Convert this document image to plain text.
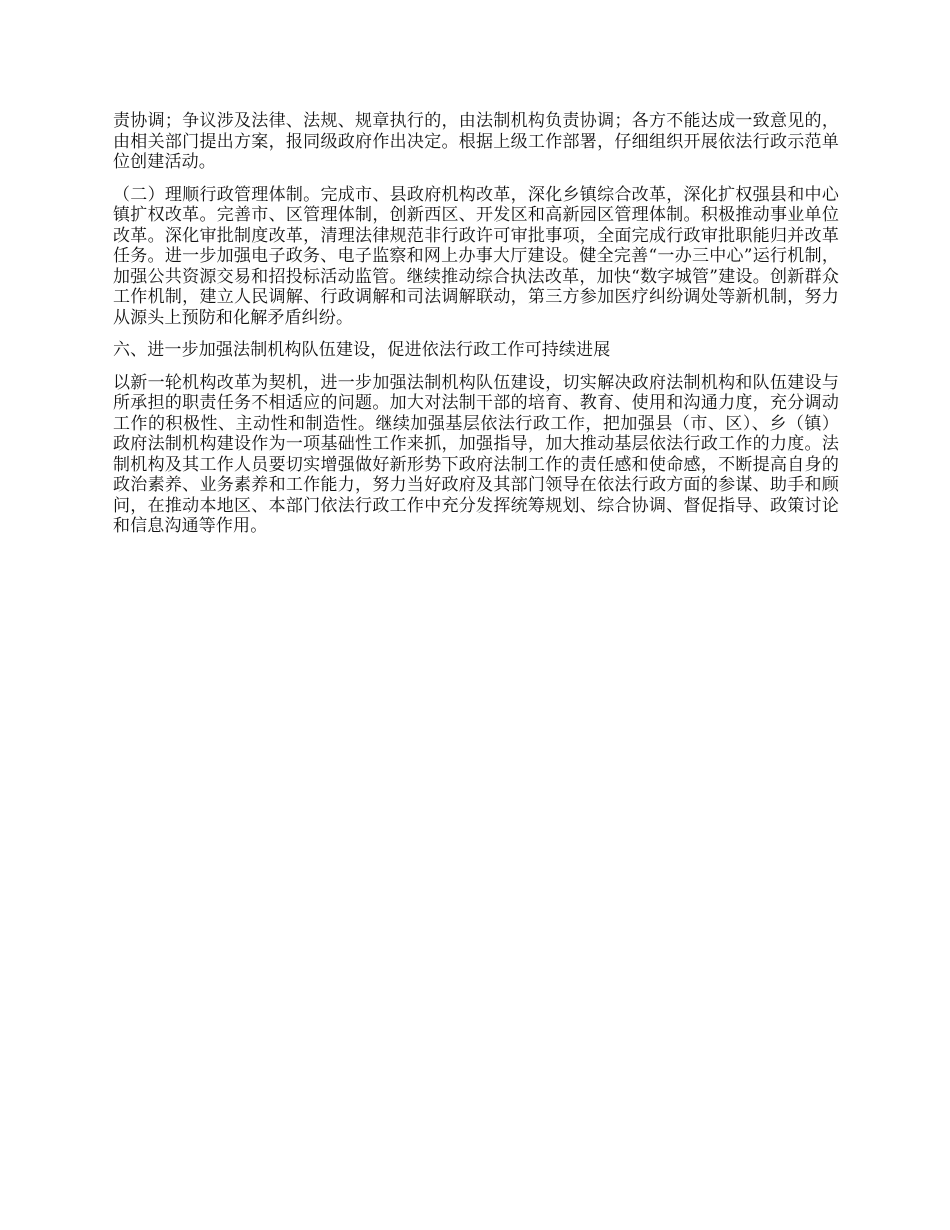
责协调；争议涉及法律、法规、规章执行的，由法制机构负责协调；各方不能达成一致意见的，由相关部门提出方案，报同级政府作出决定。根据上级工作部署，仔细组织开展依法行政示范单位创建活动。

（二）理顺行政管理体制。完成市、县政府机构改革，深化乡镇综合改革，深化扩权强县和中心镇扩权改革。完善市、区管理体制，创新西区、开发区和高新园区管理体制。积极推动事业单位改革。深化审批制度改革，清理法律规范非行政许可审批事项，全面完成行政审批职能归并改革任务。进一步加强电子政务、电子监察和网上办事大厅建设。健全完善“一办三中心”运行机制，加强公共资源交易和招投标活动监管。继续推动综合执法改革，加快“数字城管”建设。创新群众工作机制，建立人民调解、行政调解和司法调解联动，第三方参加医疗纠纷调处等新机制，努力从源头上预防和化解矛盾纠纷。

六、进一步加强法制机构队伍建设，促进依法行政工作可持续进展

以新一轮机构改革为契机，进一步加强法制机构队伍建设，切实解决政府法制机构和队伍建设与所承担的职责任务不相适应的问题。加大对法制干部的培育、教育、使用和沟通力度，充分调动工作的积极性、主动性和制造性。继续加强基层依法行政工作，把加强县（市、区）、乡（镇）政府法制机构建设作为一项基础性工作来抓，加强指导，加大推动基层依法行政工作的力度。法制机构及其工作人员要切实增强做好新形势下政府法制工作的责任感和使命感，不断提高自身的政治素养、业务素养和工作能力，努力当好政府及其部门领导在依法行政方面的参谋、助手和顾问，在推动本地区、本部门依法行政工作中充分发挥统筹规划、综合协调、督促指导、政策讨论和信息沟通等作用。
